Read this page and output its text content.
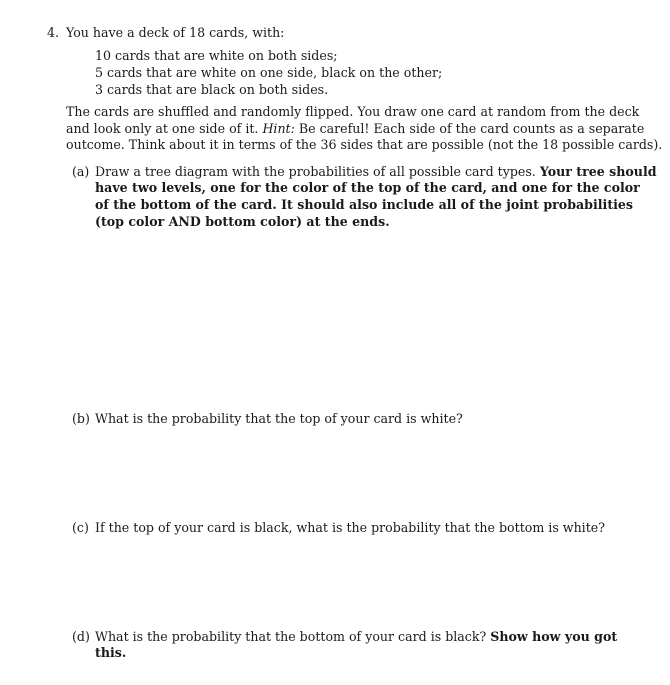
4. You have a deck of 18 cards, with:
10 cards that are white on both sides;
5 cards that are white on one side, black on the other;
3 cards that are black on both sides.
The cards are shuffled and randomly flipped. You draw one card at random from the deck
and look only at one side of it. Hint: Be careful! Each side of the card counts as a separate
outcome. Think about it in terms of the 36 sides that are possible (not the 18 possible cards).
(a) Draw a tree diagram with the probabilities of all possible card types. Your tree should
have two levels, one for the color of the top of the card, and one for the color
of the bottom of the card. It should also include all of the joint probabilities
(top color AND bottom color) at the ends.
(b) What is the probability that the top of your card is white?
(c) If the top of your card is black, what is the probability that the bottom is white?
(d) What is the probability that the bottom of your card is black? Show how you got
this.
